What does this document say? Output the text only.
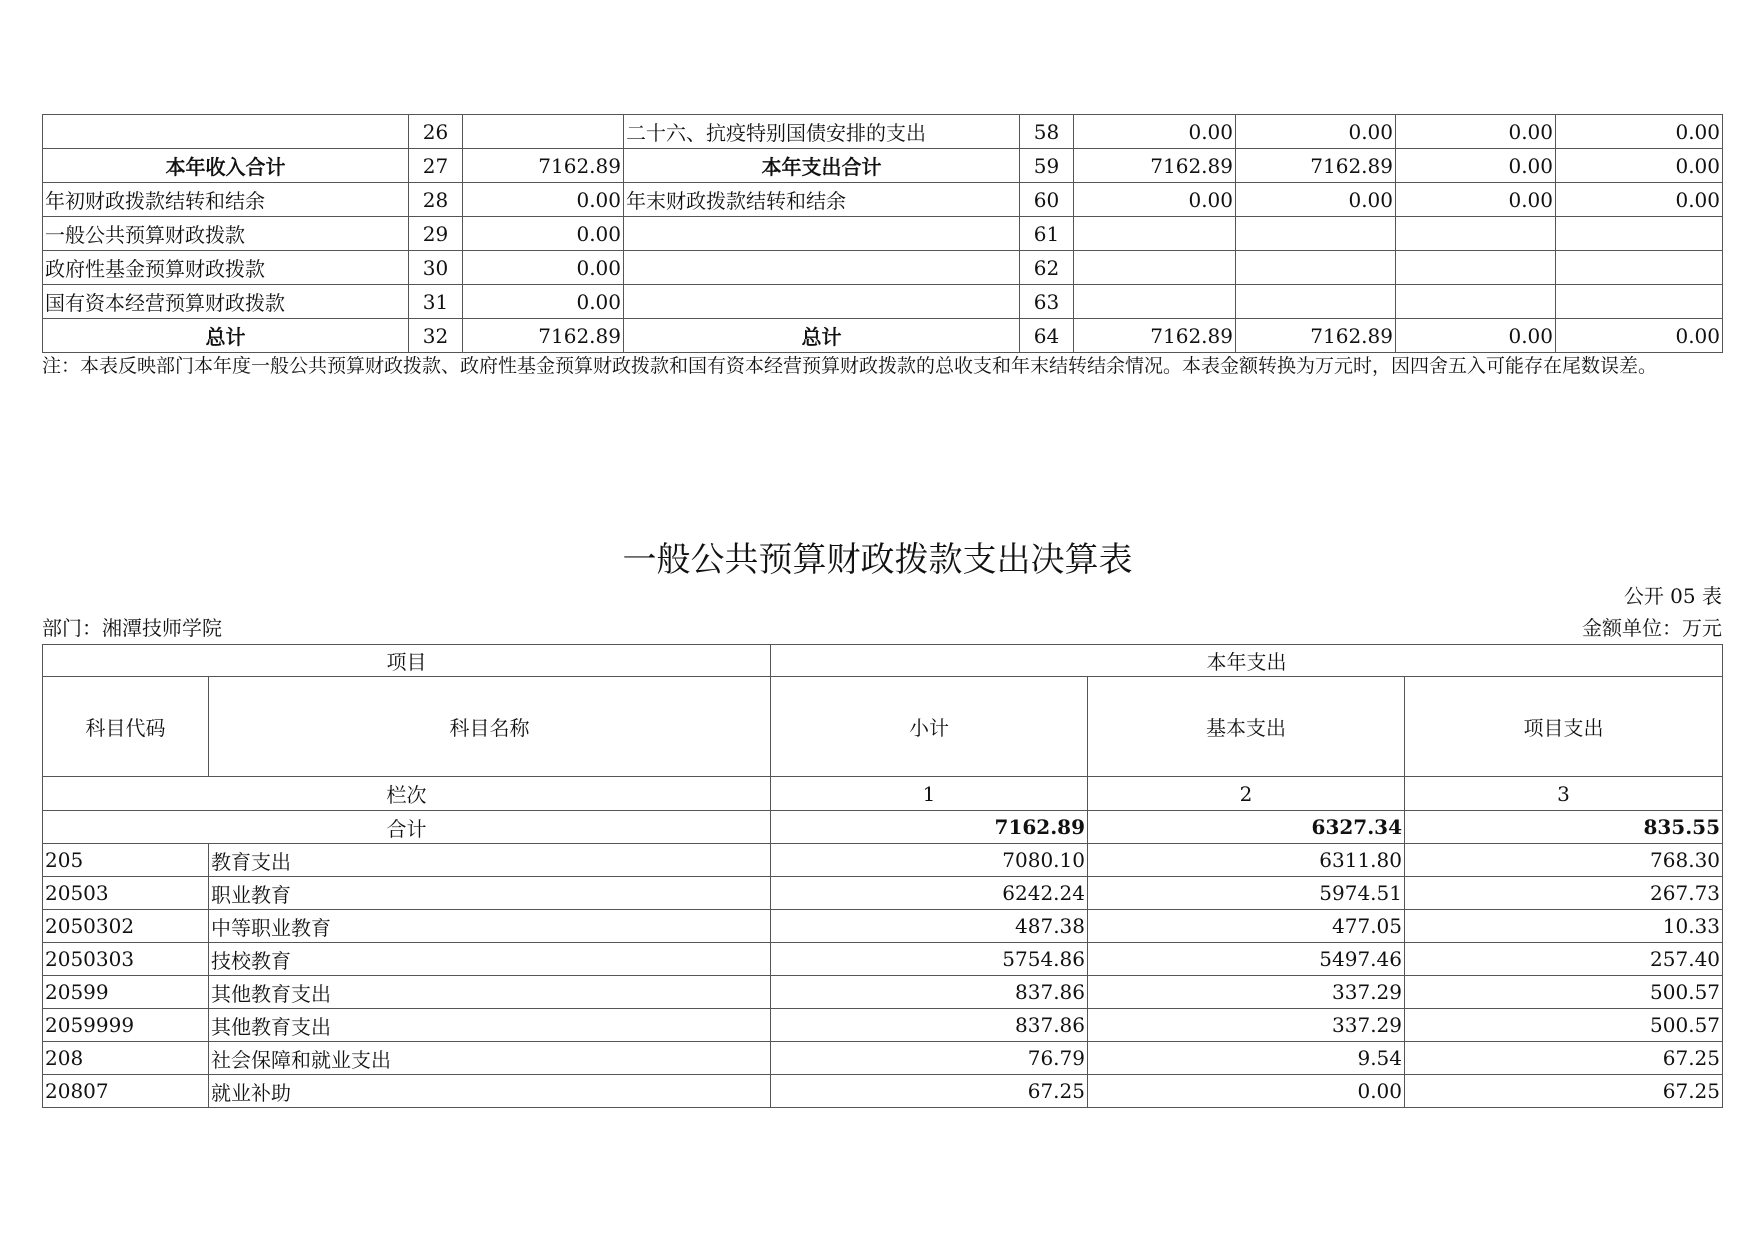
	26		二十六、抗疫特别国债安排的支出	58	0.00	0.00	0.00	0.00
本年收入合计	27	7162.89	本年支出合计	59	7162.89	7162.89	0.00	0.00
年初财政拨款结转和结余	28	0.00	年末财政拨款结转和结余	60	0.00	0.00	0.00	0.00
一般公共预算财政拨款	29	0.00		61				
政府性基金预算财政拨款	30	0.00		62				
国有资本经营预算财政拨款	31	0.00		63				
总计	32	7162.89	总计	64	7162.89	7162.89	0.00	0.00
注：本表反映部门本年度一般公共预算财政拨款、政府性基金预算财政拨款和国有资本经营预算财政拨款的总收支和年末结转结余情况。本表金额转换为万元时，因四舍五入可能存在尾数误差。
一般公共预算财政拨款支出决算表
公开 05 表
部门：湘潭技师学院	金额单位：万元
项目		本年支出		
科目代码	科目名称	小计	基本支出	项目支出
栏次		1	2	3
合计		7162.89	6327.34	835.55
205	教育支出	7080.10	6311.80	768.30
20503	职业教育	6242.24	5974.51	267.73
2050302	中等职业教育	487.38	477.05	10.33
2050303	技校教育	5754.86	5497.46	257.40
20599	其他教育支出	837.86	337.29	500.57
2059999	其他教育支出	837.86	337.29	500.57
208	社会保障和就业支出	76.79	9.54	67.25
20807	就业补助	67.25	0.00	67.25
